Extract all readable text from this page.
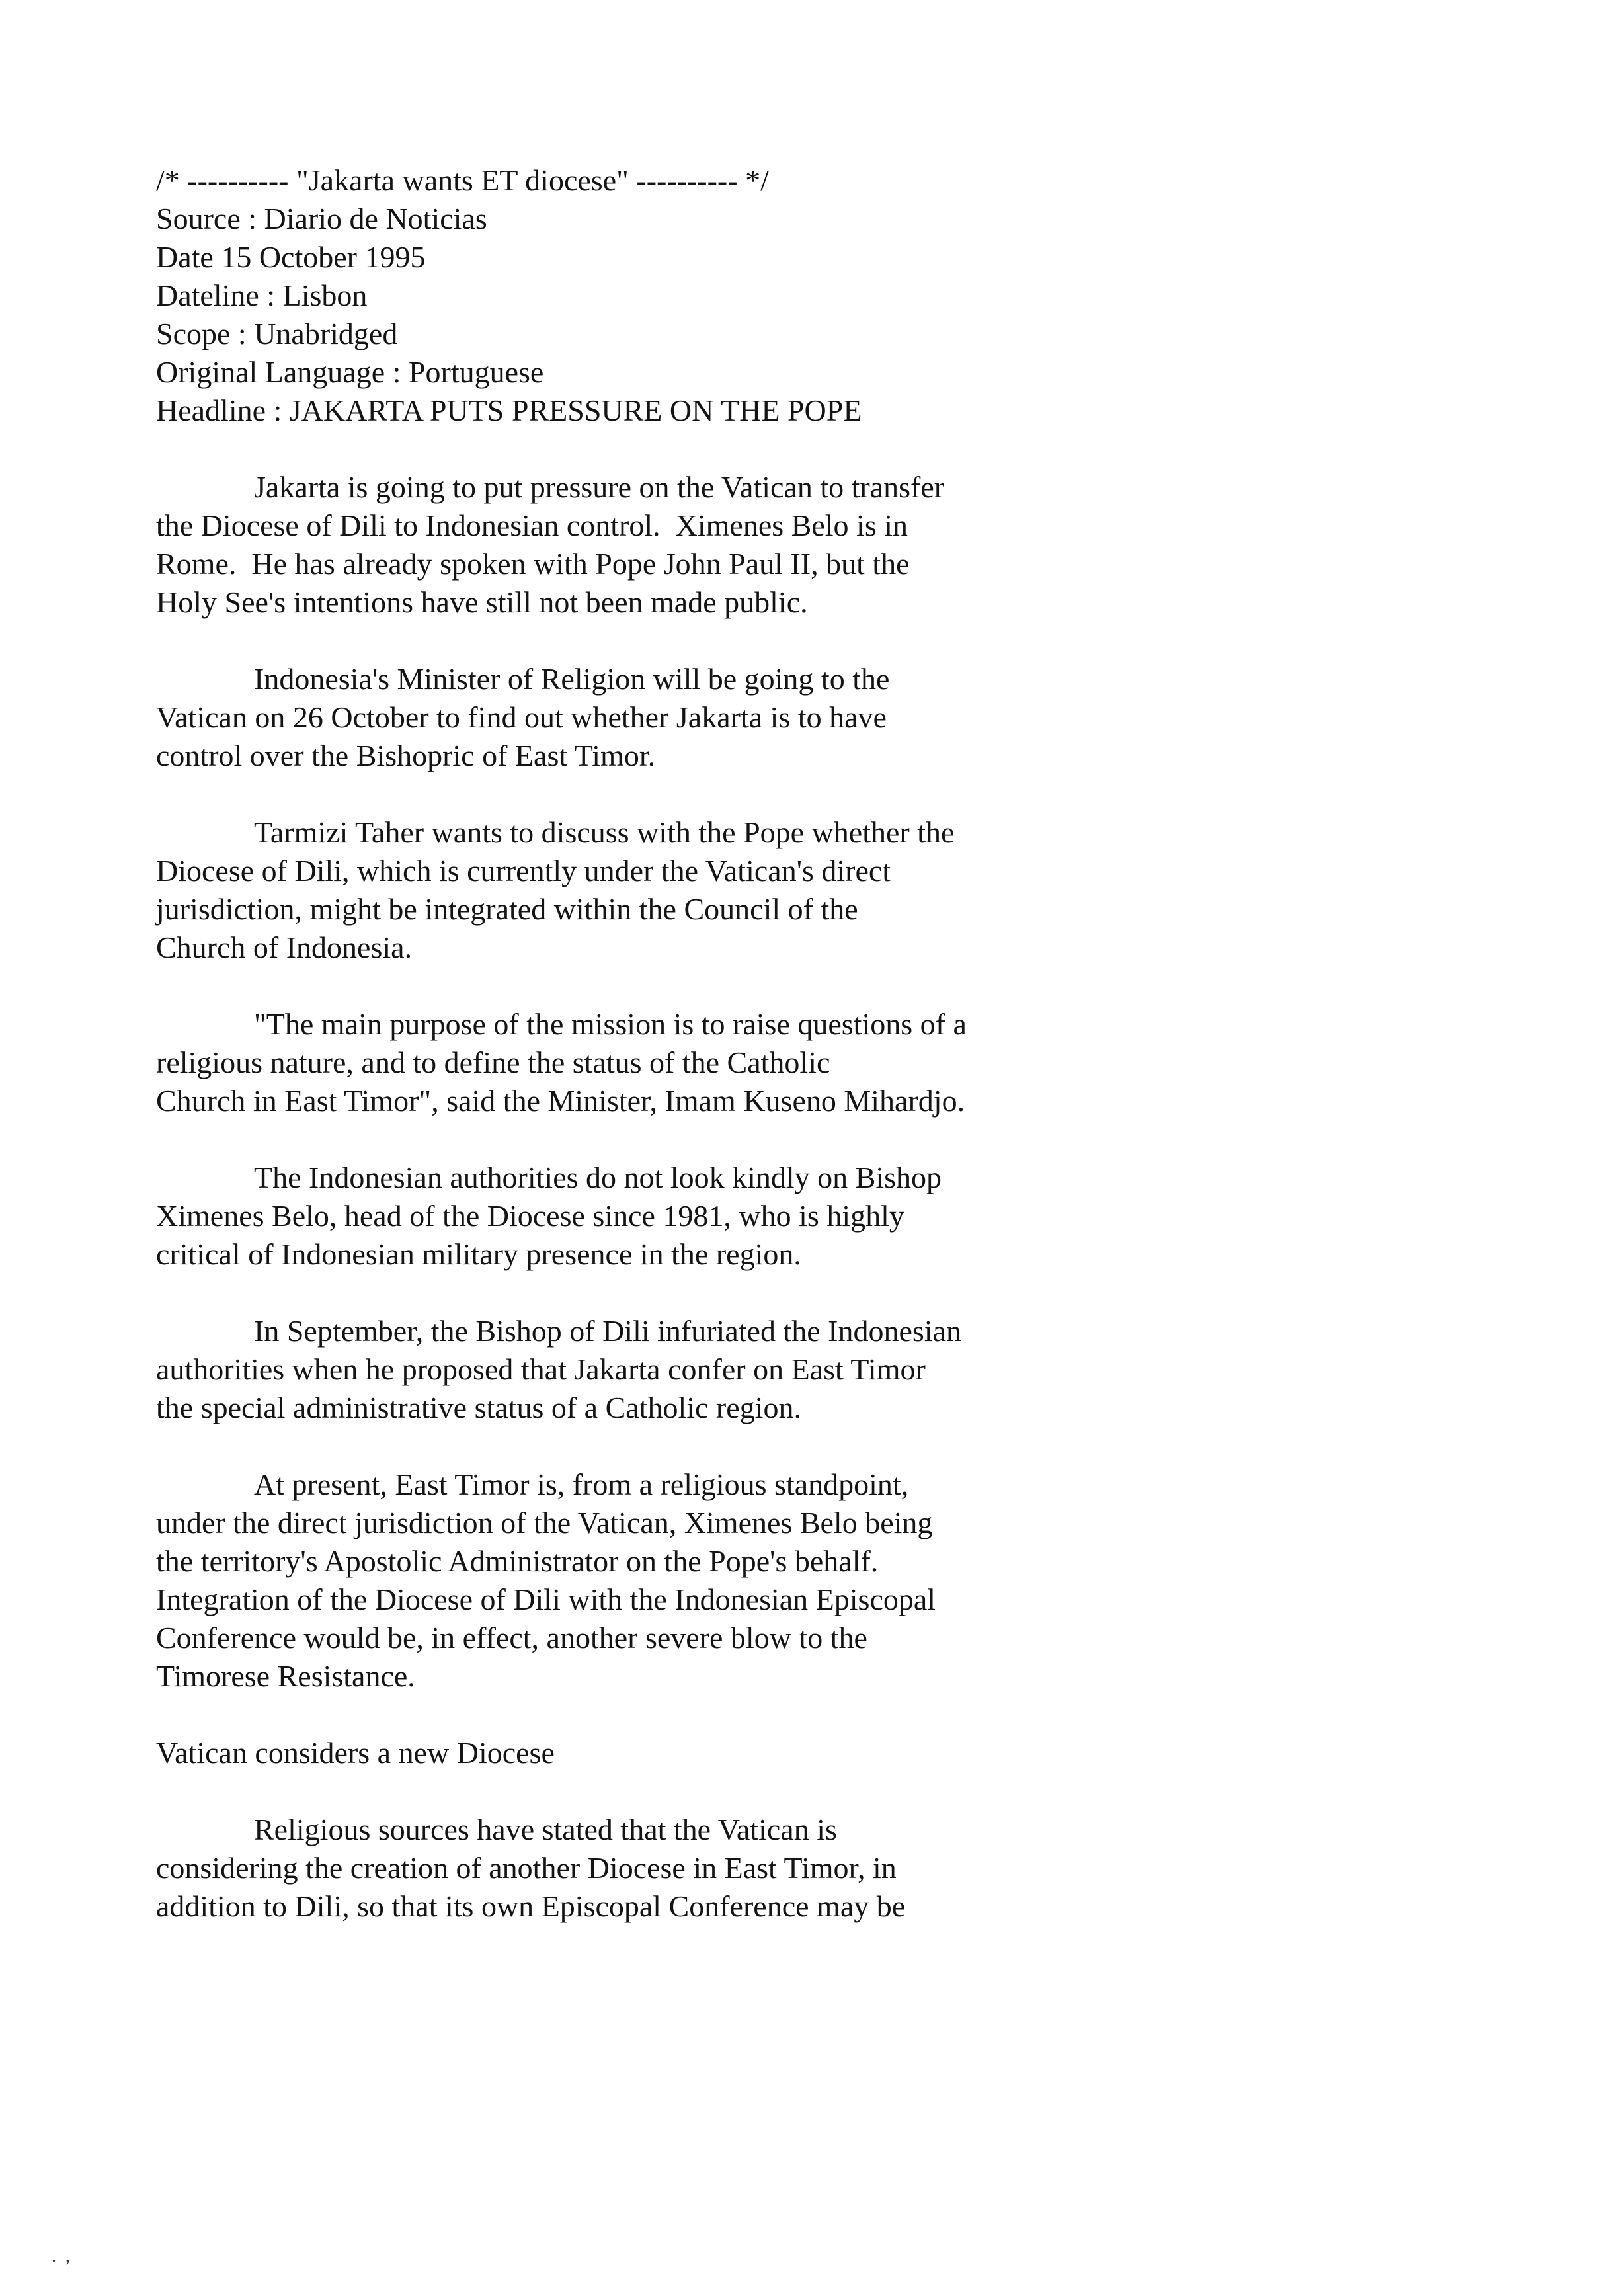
/* ---------- "Jakarta wants ET diocese" ---------- */
Source : Diario de Noticias
Date 15 October 1995
Dateline : Lisbon
Scope : Unabridged
Original Language : Portuguese
Headline : JAKARTA PUTS PRESSURE ON THE POPE

Jakarta is going to put pressure on the Vatican to transfer
the Diocese of Dili to Indonesian control.  Ximenes Belo is in
Rome.  He has already spoken with Pope John Paul II, but the
Holy See's intentions have still not been made public.

Indonesia's Minister of Religion will be going to the
Vatican on 26 October to find out whether Jakarta is to have
control over the Bishopric of East Timor.

Tarmizi Taher wants to discuss with the Pope whether the
Diocese of Dili, which is currently under the Vatican's direct
jurisdiction, might be integrated within the Council of the
Church of Indonesia.

"The main purpose of the mission is to raise questions of a
religious nature, and to define the status of the Catholic
Church in East Timor", said the Minister, Imam Kuseno Mihardjo.

The Indonesian authorities do not look kindly on Bishop
Ximenes Belo, head of the Diocese since 1981, who is highly
critical of Indonesian military presence in the region.

In September, the Bishop of Dili infuriated the Indonesian
authorities when he proposed that Jakarta confer on East Timor
the special administrative status of a Catholic region.

At present, East Timor is, from a religious standpoint,
under the direct jurisdiction of the Vatican, Ximenes Belo being
the territory's Apostolic Administrator on the Pope's behalf.
Integration of the Diocese of Dili with the Indonesian Episcopal
Conference would be, in effect, another severe blow to the
Timorese Resistance.

Vatican considers a new Diocese

Religious sources have stated that the Vatican is
considering the creation of another Diocese in East Timor, in
addition to Dili, so that its own Episcopal Conference may be

.  ,
